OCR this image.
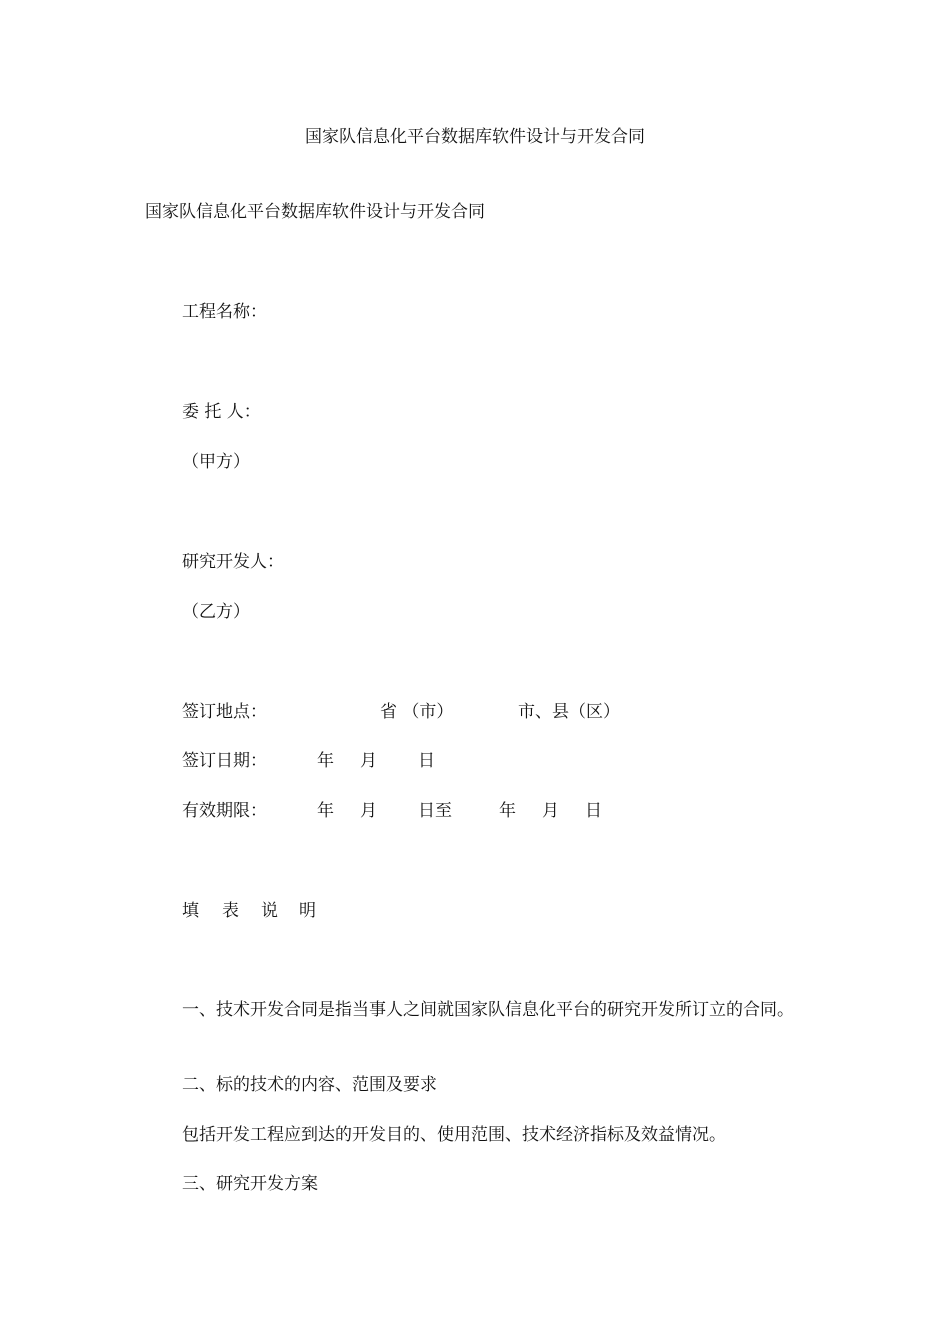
国家队信息化平台数据库软件设计与开发合同
国家队信息化平台数据库软件设计与开发合同
工程名称：
委 托 人：
（甲方）
研究开发人：
（乙方）
签订地点：	省 （市）	市、县（区）
签订日期：	年 月 日
有效期限：	年 月 日至	年 月 日
填 表 说 明
一、技术开发合同是指当事人之间就国家队信息化平台的研究开发所订立的合同。
二、标的技术的内容、范围及要求
包括开发工程应到达的开发目的、使用范围、技术经济指标及效益情况。
三、研究开发方案
